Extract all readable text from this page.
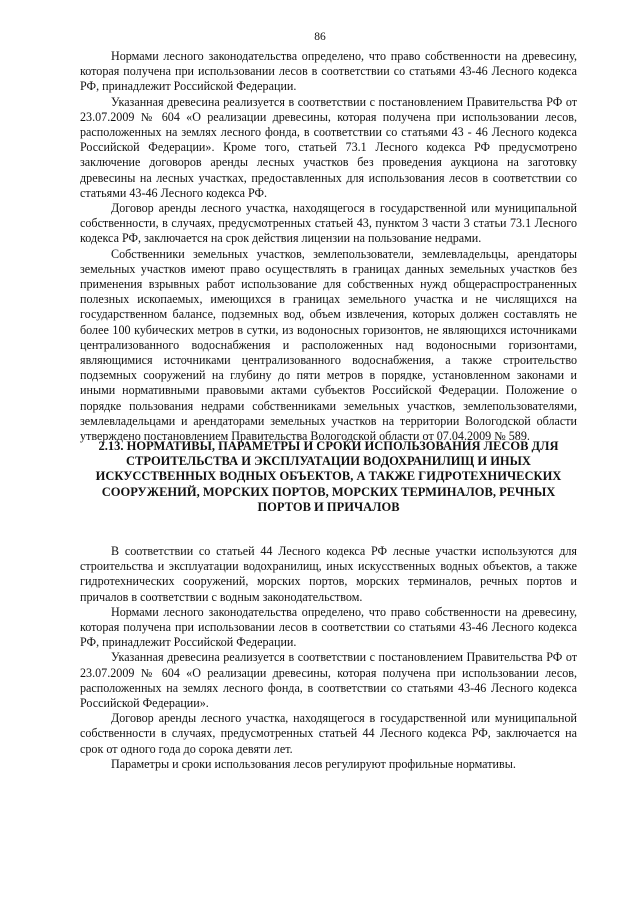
86

Нормами лесного законодательства определено, что право собственности на древесину, которая получена при использовании лесов в соответствии со статьями 43-46 Лесного кодекса РФ, принадлежит Российской Федерации.

Указанная древесина реализуется в соответствии с постановлением Правительства РФ от 23.07.2009 № 604 «О реализации древесины, которая получена при использовании лесов, расположенных на землях лесного фонда, в соответствии со статьями 43 - 46 Лесного кодекса Российской Федерации». Кроме того, статьей 73.1 Лесного кодекса РФ предусмотрено заключение договоров аренды лесных участков без проведения аукциона на заготовку древесины на лесных участках, предоставленных для использования лесов в соответствии со статьями 43-46 Лесного кодекса РФ.

Договор аренды лесного участка, находящегося в государственной или муниципальной собственности, в случаях, предусмотренных статьей 43, пунктом 3 части 3 статьи 73.1 Лесного кодекса РФ, заключается на срок действия лицензии на пользование недрами.

Собственники земельных участков, землепользователи, землевладельцы, арендаторы земельных участков имеют право осуществлять в границах данных земельных участков без применения взрывных работ использование для собственных нужд общераспространенных полезных ископаемых, имеющихся в границах земельного участка и не числящихся на государственном балансе, подземных вод, объем извлечения, которых должен составлять не более 100 кубических метров в сутки, из водоносных горизонтов, не являющихся источниками централизованного водоснабжения и расположенных над водоносными горизонтами, являющимися источниками централизованного водоснабжения, а также строительство подземных сооружений на глубину до пяти метров в порядке, установленном законами и иными нормативными правовыми актами субъектов Российской Федерации. Положение о порядке пользования недрами собственниками земельных участков, землепользователями, землевладельцами и арендаторами земельных участков на территории Вологодской области утверждено постановлением Правительства Вологодской области от 07.04.2009 № 589.

2.13. НОРМАТИВЫ, ПАРАМЕТРЫ И СРОКИ ИСПОЛЬЗОВАНИЯ ЛЕСОВ ДЛЯ СТРОИТЕЛЬСТВА И ЭКСПЛУАТАЦИИ ВОДОХРАНИЛИЩ И ИНЫХ ИСКУССТВЕННЫХ ВОДНЫХ ОБЪЕКТОВ, А ТАКЖЕ ГИДРОТЕХНИЧЕСКИХ СООРУЖЕНИЙ, МОРСКИХ ПОРТОВ, МОРСКИХ ТЕРМИНАЛОВ, РЕЧНЫХ ПОРТОВ И ПРИЧАЛОВ

В соответствии со статьей 44 Лесного кодекса РФ лесные участки используются для строительства и эксплуатации водохранилищ, иных искусственных водных объектов, а также гидротехнических сооружений, морских портов, морских терминалов, речных портов и причалов в соответствии с водным законодательством.

Нормами лесного законодательства определено, что право собственности на древесину, которая получена при использовании лесов в соответствии со статьями 43-46 Лесного кодекса РФ, принадлежит Российской Федерации.

Указанная древесина реализуется в соответствии с постановлением Правительства РФ от 23.07.2009 № 604 «О реализации древесины, которая получена при использовании лесов, расположенных на землях лесного фонда, в соответствии со статьями 43-46 Лесного кодекса Российской Федерации».

Договор аренды лесного участка, находящегося в государственной или муниципальной собственности в случаях, предусмотренных статьей 44 Лесного кодекса РФ, заключается на срок от одного года до сорока девяти лет.

Параметры и сроки использования лесов регулируют профильные нормативы.
